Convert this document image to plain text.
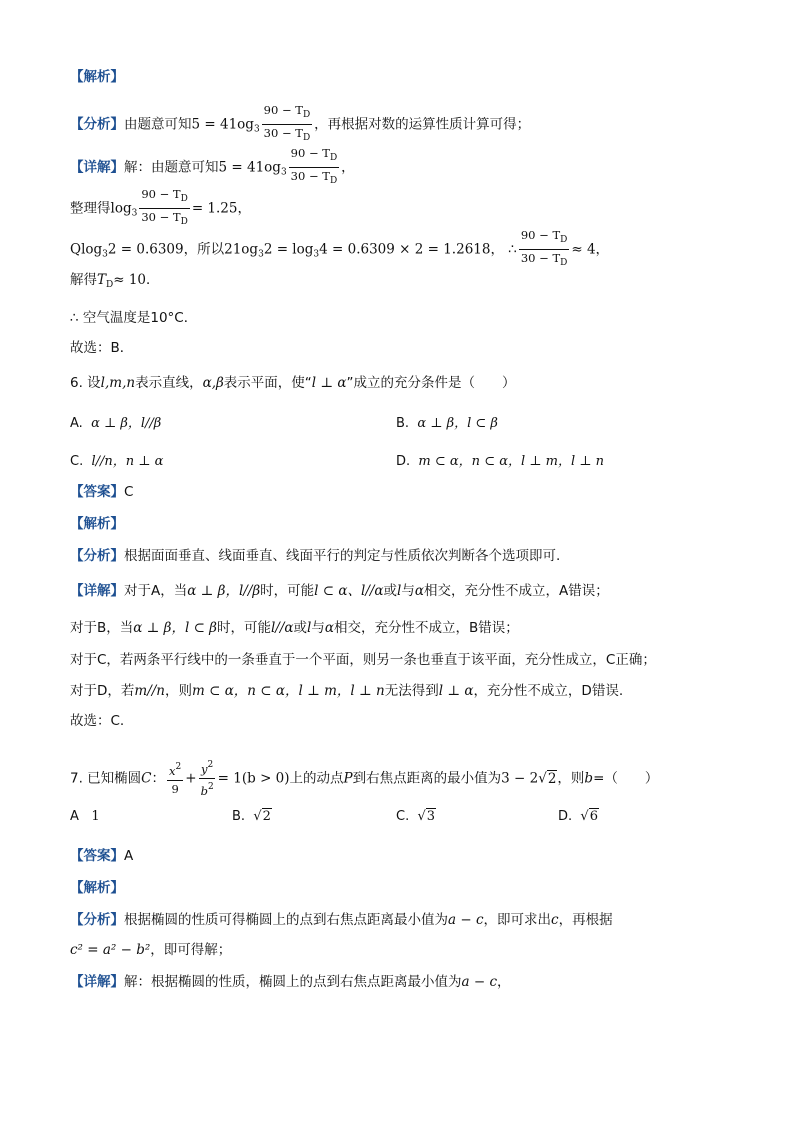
【解析】
【分析】由题意可知$5 = 41og_3 \frac{90 - T_D}{30 - T_D}$ ，再根据对数的运算性质计算可得；
【详解】解：由题意可知$5 = 41og_3 \frac{90 - T_D}{30 - T_D}$ ，
整理得$\log_3 \frac{90 - T_D}{30 - T_D} = 1.25$，
Qlog$_3$2 = 0.6309，所以$21og_32 = \log_34 = 0.6309 \times 2 = 1.2618$， ∴ $\frac{90 - T_D}{30 - T_D} \approx 4$，
解得$T_D\approx 10$．
∴ 空气温度是10°C．
故选：B．
6. 设l,m,n表示直线，α,β表示平面，使“l ⊥ α”成立的充分条件是（　　）
A. α ⊥ β，l//β	B. α ⊥ β，l ⊂ β
C. l//n，n ⊥ α	D. m ⊂ α，n ⊂ α，l ⊥ m，l ⊥ n
【答案】C
【解析】
【分析】根据面面垂直、线面垂直、线面平行的判定与性质依次判断各个选项即可.
【详解】对于A，当α ⊥ β，l//β时，可能l ⊂ α、l//α或l与α相交，充分性不成立，A错误；
对于B，当α ⊥ β，l ⊂ β时，可能l//α或l与α相交，充分性不成立，B错误；
对于C，若两条平行线中的一条垂直于一个平面，则另一条也垂直于该平面，充分性成立，C正确；
对于D，若m//n，则m ⊂ α，n ⊂ α，l ⊥ m，l ⊥ n无法得到l ⊥ α，充分性不成立，D错误.
故选：C.
7. 已知椭圆C： $\frac{x^2}{9} + \frac{y^2}{b^2} = 1(b > 0)$上的动点P到右焦点距离的最小值为3 − 2√2，则b=（　　）
A 1	B. √2	C. √3	D. √6
【答案】A
【解析】
【分析】根据椭圆的性质可得椭圆上的点到右焦点距离最小值为a − c，即可求出c，再根据
c² = a² − b²，即可得解；
【详解】解：根据椭圆的性质，椭圆上的点到右焦点距离最小值为a − c，
